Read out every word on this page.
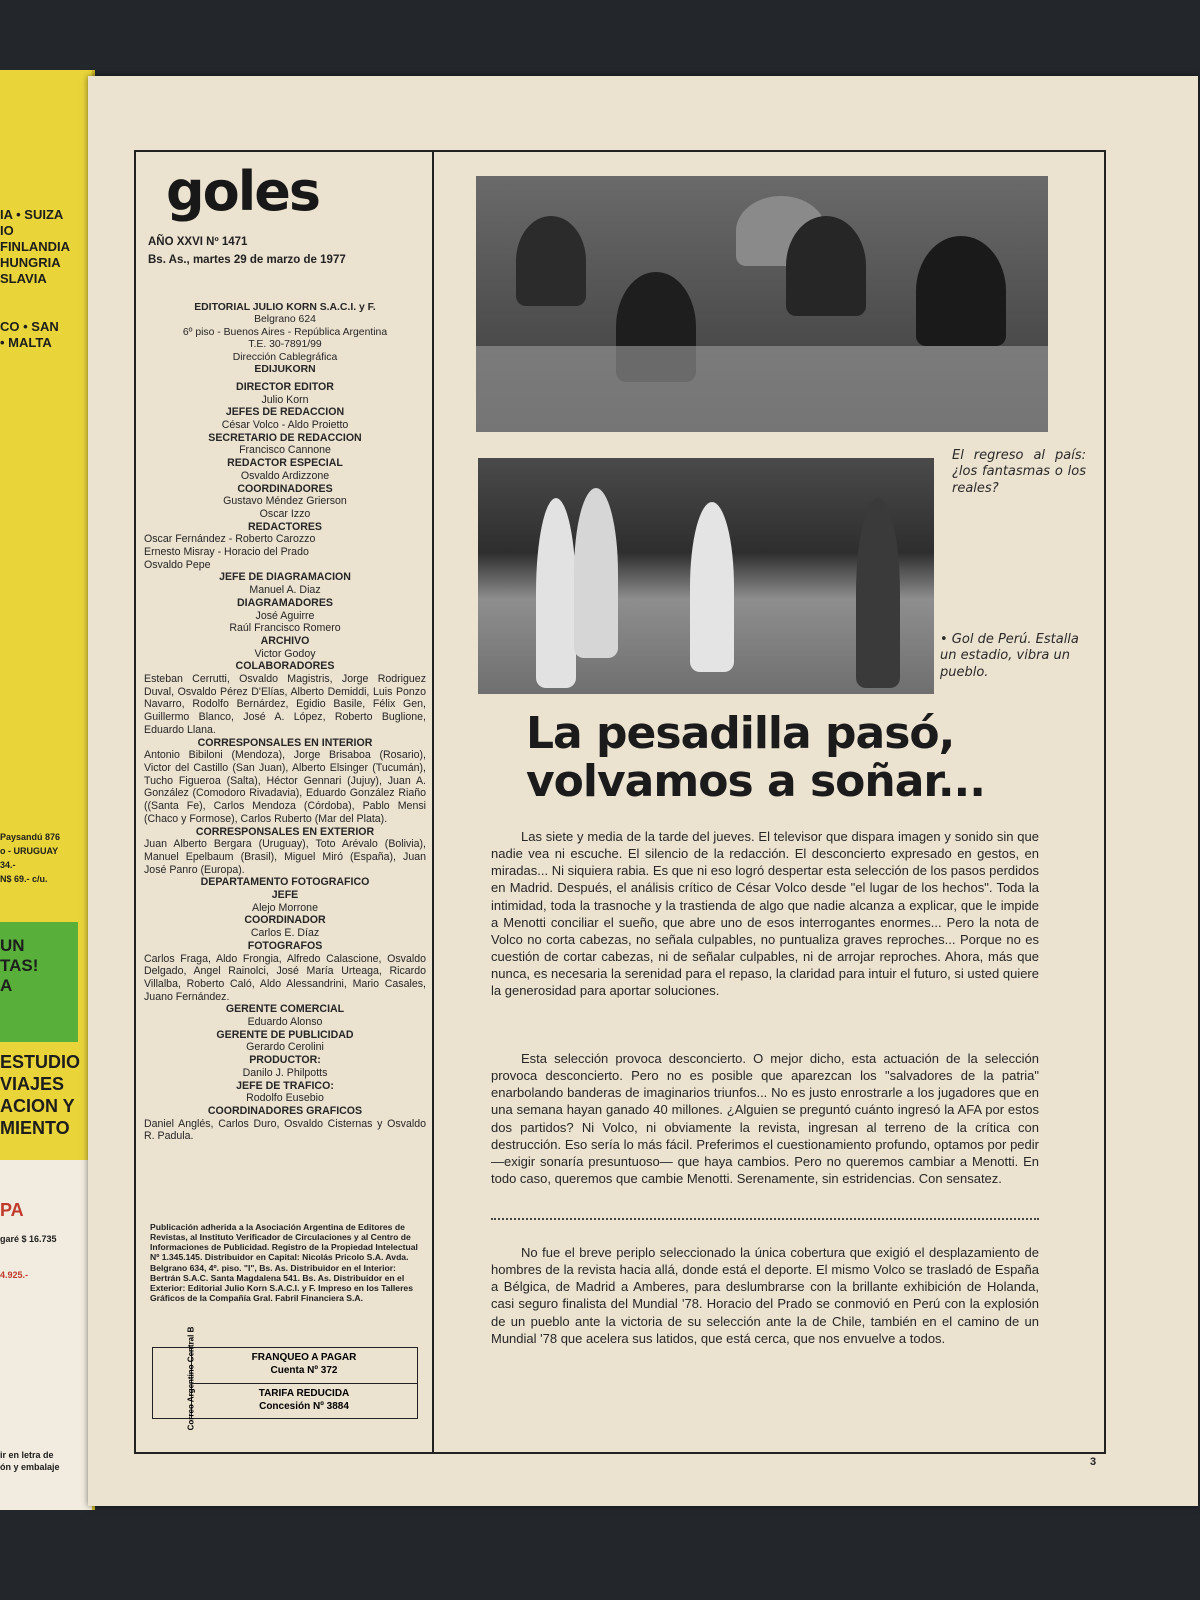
IA • SUIZA
IO
FINLANDIA
HUNGRIA
SLAVIA
CO • SAN
• MALTA
Paysandú 876
o - URUGUAY
34.-
N$ 69.- c/u.
UN
TAS!
A
ESTUDIO
VIAJES
ACION Y
MIENTO
PA
garé $ 16.735
4.925.-
ir en letra de
ón y embalaje
goles
AÑO XXVI Nº 1471
Bs. As., martes 29 de marzo de 1977
EDITORIAL JULIO KORN S.A.C.I. y F.
Belgrano 624
6º piso - Buenos Aires - República Argentina
T.E. 30-7891/99
Dirección Cablegráfica
EDIJUKORN
DIRECTOR EDITOR
Julio Korn
JEFES DE REDACCION
César Volco - Aldo Proietto
SECRETARIO DE REDACCION
Francisco Cannone
REDACTOR ESPECIAL
Osvaldo Ardizzone
COORDINADORES
Gustavo Méndez Grierson
Oscar Izzo
REDACTORES
Oscar Fernández - Roberto Carozzo
Ernesto Misray - Horacio del Prado
Osvaldo Pepe
JEFE DE DIAGRAMACION
Manuel A. Diaz
DIAGRAMADORES
José Aguirre
Raúl Francisco Romero
ARCHIVO
Victor Godoy
COLABORADORES
Esteban Cerrutti, Osvaldo Magistris, Jorge Rodriguez Duval, Osvaldo Pérez D'Elías, Alberto Demiddi, Luis Ponzo Navarro, Rodolfo Bernárdez, Egidio Basile, Félix Gen, Guillermo Blanco, José A. López, Roberto Buglione, Eduardo Llana.
CORRESPONSALES EN INTERIOR
Antonio Bibiloni (Mendoza), Jorge Brisaboa (Rosario), Victor del Castillo (San Juan), Alberto Elsinger (Tucumán), Tucho Figueroa (Salta), Héctor Gennari (Jujuy), Juan A. González (Comodoro Rivadavia), Eduardo González Riaño ((Santa Fe), Carlos Mendoza (Córdoba), Pablo Mensi (Chaco y Formose), Carlos Ruberto (Mar del Plata).
CORRESPONSALES EN EXTERIOR
Juan Alberto Bergara (Uruguay), Toto Arévalo (Bolivia), Manuel Epelbaum (Brasil), Miguel Miró (España), Juan José Panro (Europa).
DEPARTAMENTO FOTOGRAFICO
JEFE
Alejo Morrone
COORDINADOR
Carlos E. Díaz
FOTOGRAFOS
Carlos Fraga, Aldo Frongia, Alfredo Calascione, Osvaldo Delgado, Angel Rainolci, José María Urteaga, Ricardo Villalba, Roberto Caló, Aldo Alessandrini, Mario Casales, Juano Fernández.
GERENTE COMERCIAL
Eduardo Alonso
GERENTE DE PUBLICIDAD
Gerardo Cerolini
PRODUCTOR:
Danilo J. Philpotts
JEFE DE TRAFICO:
Rodolfo Eusebio
COORDINADORES GRAFICOS
Daniel Anglés, Carlos Duro, Osvaldo Cisternas y Osvaldo R. Padula.
Publicación adherida a la Asociación Argentina de Editores de Revistas, al Instituto Verificador de Circulaciones y al Centro de Informaciones de Publicidad. Registro de la Propiedad Intelectual Nº 1.345.145. Distribuidor en Capital: Nicolás Pricolo S.A. Avda. Belgrano 634, 4º. piso. "I", Bs. As. Distribuidor en el Interior: Bertrán S.A.C. Santa Magdalena 541. Bs. As. Distribuidor en el Exterior: Editorial Julio Korn S.A.C.I. y F. Impreso en los Talleres Gráficos de la Compañía Gral. Fabril Financiera S.A.
Correo Argentino Central B	FRANQUEO A PAGAR
Cuenta Nº 372
TARIFA REDUCIDA
Concesión Nº 3884
El regreso al país: ¿los fantasmas o los reales?
• Gol de Perú. Estalla un estadio, vibra un pueblo.
La pesadilla pasó, volvamos a soñar...
Las siete y media de la tarde del jueves. El televisor que dispara imagen y sonido sin que nadie vea ni escuche. El silencio de la redacción. El desconcierto expresado en gestos, en miradas... Ni siquiera rabia. Es que ni eso logró despertar esta selección de los pasos perdidos en Madrid. Después, el análisis crítico de César Volco desde "el lugar de los hechos". Toda la intimidad, toda la trasnoche y la trastienda de algo que nadie alcanza a explicar, que le impide a Menotti conciliar el sueño, que abre uno de esos interrogantes enormes... Pero la nota de Volco no corta cabezas, no señala culpables, no puntualiza graves reproches... Porque no es cuestión de cortar cabezas, ni de señalar culpables, ni de arrojar reproches. Ahora, más que nunca, es necesaria la serenidad para el repaso, la claridad para intuir el futuro, si usted quiere la generosidad para aportar soluciones.
Esta selección provoca desconcierto. O mejor dicho, esta actuación de la selección provoca desconcierto. Pero no es posible que aparezcan los "salvadores de la patria" enarbolando banderas de imaginarios triunfos... No es justo enrostrarle a los jugadores que en una semana hayan ganado 40 millones. ¿Alguien se preguntó cuánto ingresó la AFA por estos dos partidos? Ni Volco, ni obviamente la revista, ingresan al terreno de la crítica con destrucción. Eso sería lo más fácil. Preferimos el cuestionamiento profundo, optamos por pedir —exigir sonaría presuntuoso— que haya cambios. Pero no queremos cambiar a Menotti. En todo caso, queremos que cambie Menotti. Serenamente, sin estridencias. Con sensatez.
No fue el breve periplo seleccionado la única cobertura que exigió el desplazamiento de hombres de la revista hacia allá, donde está el deporte. El mismo Volco se trasladó de España a Bélgica, de Madrid a Amberes, para deslumbrarse con la brillante exhibición de Holanda, casi seguro finalista del Mundial '78. Horacio del Prado se conmovió en Perú con la explosión de un pueblo ante la victoria de su selección ante la de Chile, también en el camino de un Mundial '78 que acelera sus latidos, que está cerca, que nos envuelve a todos.
3
